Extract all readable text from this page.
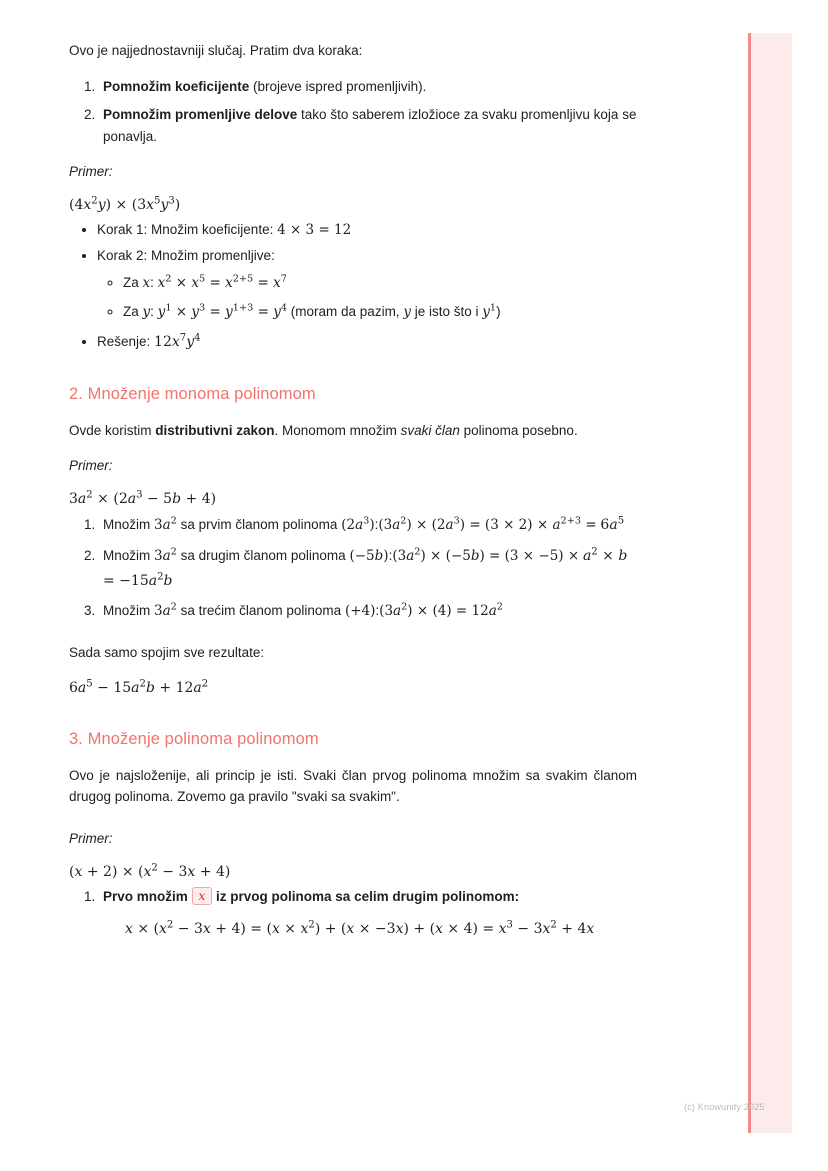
Ovo je najjednostavniji slučaj. Pratim dva koraka:

1. Pomnožim koeficijente (brojeve ispred promenljivih).
2. Pomnožim promenljive delove tako što saberem izložioce za svaku promenljivu koja se ponavlja.

Primer:

$(4x^2y) \times (3x^5y^3)$
• Korak 1: Množim koeficijente: 4 × 3 = 12
• Korak 2: Množim promenljive:
◦ Za x: $x^2 \times x^5 = x^{2+5} = x^7$
◦ Za y: $y^1 \times y^3 = y^{1+3} = y^4$ (moram da pazim, y je isto što i $y^1$)
• Rešenje: $12x^7y^4$
2. Množenje monoma polinomom

Ovde koristim distributivni zakon. Monomom množim svaki član polinoma posebno.

Primer:

$3a^2 \times (2a^3 - 5b + 4)$
1. Množim $3a^2$ sa prvim članom polinoma $(2a^3):(3a^2) \times (2a^3) = (3 \times 2) \times a^{2+3} = 6a^5$
2. Množim $3a^2$ sa drugim članom polinoma $(-5b):(3a^2) \times (-5b) = (3 \times -5) \times a^2 \times b = -15a^2b$
3. Množim $3a^2$ sa trećim članom polinoma $(+4):(3a^2) \times (4) = 12a^2$

Sada samo spojim sve rezultate:

$6a^5 - 15a^2b + 12a^2$
3. Množenje polinoma polinomom

Ovo je najsloženije, ali princip je isti. Svaki član prvog polinoma množim sa svakim članom drugog polinoma. Zovemo ga pravilo "svaki sa svakim".

Primer:

$(x + 2) \times (x^2 - 3x + 4)$
1. Prvo množim x iz prvog polinoma sa celim drugim polinomom:
$x \times (x^2 - 3x + 4) = (x \times x^2) + (x \times -3x) + (x \times 4) = x^3 - 3x^2 + 4x$
(c) Knowunity 2025
